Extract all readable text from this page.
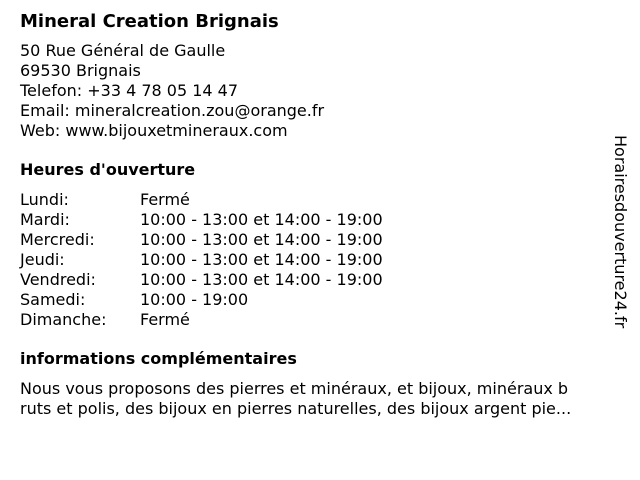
Mineral Creation Brignais
50 Rue Général de Gaulle
69530 Brignais
Telefon: +33 4 78 05 14 47
Email: mineralcreation.zou@orange.fr
Web: www.bijouxetmineraux.com
Heures d'ouverture
Lundi:	Fermé
Mardi:	10:00 - 13:00 et 14:00 - 19:00
Mercredi:	10:00 - 13:00 et 14:00 - 19:00
Jeudi:	10:00 - 13:00 et 14:00 - 19:00
Vendredi:	10:00 - 13:00 et 14:00 - 19:00
Samedi:	10:00 - 19:00
Dimanche:	Fermé
informations complémentaires
Nous vous proposons des pierres et minéraux, et bijoux, minéraux b
ruts et polis, des bijoux en pierres naturelles, des bijoux argent pie...
Horairesdouverture24.fr
